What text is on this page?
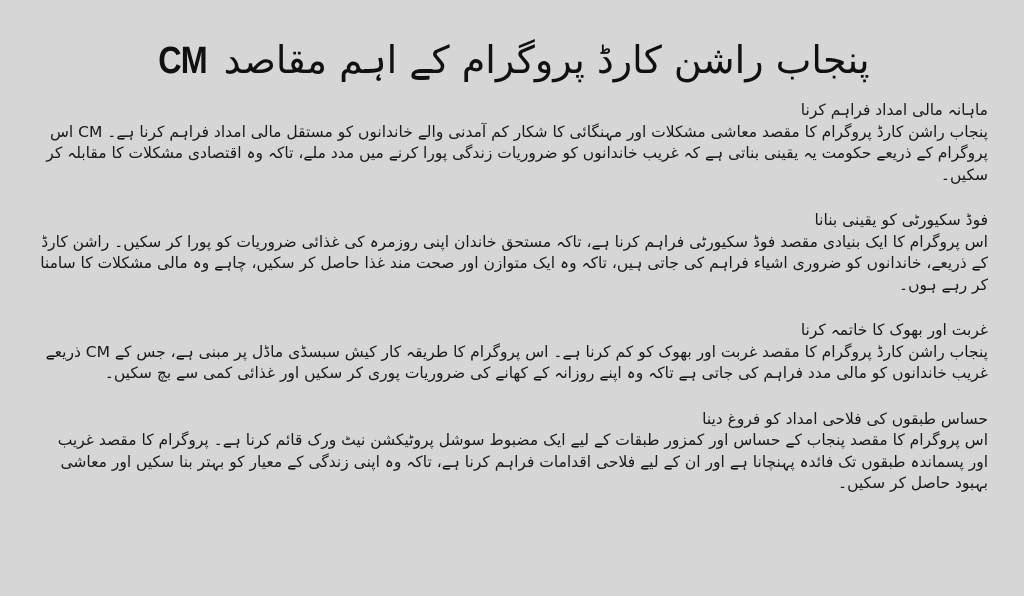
پنجاب راشن کارڈ پروگرام کے اہم مقاصد CM
ماہانہ مالی امداد فراہم کرنا

پنجاب راشن کارڈ پروگرام کا مقصد معاشی مشکلات اور مہنگائی کا شکار کم آمدنی والے خاندانوں کو مستقل مالی امداد فراہم کرنا ہے۔ CM اس پروگرام کے ذریعے حکومت یہ یقینی بناتی ہے کہ غریب خاندانوں کو ضروریات زندگی پورا کرنے میں مدد ملے، تاکہ وہ اقتصادی مشکلات کا مقابلہ کر سکیں۔

فوڈ سکیورٹی کو یقینی بنانا

اس پروگرام کا ایک بنیادی مقصد فوڈ سکیورٹی فراہم کرنا ہے، تاکہ مستحق خاندان اپنی روزمرہ کی غذائی ضروریات کو پورا کر سکیں۔ راشن کارڈ کے ذریعے، خاندانوں کو ضروری اشیاء فراہم کی جاتی ہیں، تاکہ وہ ایک متوازن اور صحت مند غذا حاصل کر سکیں، چاہے وہ مالی مشکلات کا سامنا کر رہے ہوں۔

غربت اور بھوک کا خاتمہ کرنا

پنجاب راشن کارڈ پروگرام کا مقصد غربت اور بھوک کو کم کرنا ہے۔ اس پروگرام کا طریقہ کار کیش سبسڈی ماڈل پر مبنی ہے، جس کے CM ذریعے غریب خاندانوں کو مالی مدد فراہم کی جاتی ہے تاکہ وہ اپنے روزانہ کے کھانے کی ضروریات پوری کر سکیں اور غذائی کمی سے بچ سکیں۔

حساس طبقوں کی فلاحی امداد کو فروغ دینا

اس پروگرام کا مقصد پنجاب کے حساس اور کمزور طبقات کے لیے ایک مضبوط سوشل پروٹیکشن نیٹ ورک قائم کرنا ہے۔ پروگرام کا مقصد غریب اور پسماندہ طبقوں تک فائدہ پہنچانا ہے اور ان کے لیے فلاحی اقدامات فراہم کرنا ہے، تاکہ وہ اپنی زندگی کے معیار کو بہتر بنا سکیں اور معاشی بہبود حاصل کر سکیں۔
